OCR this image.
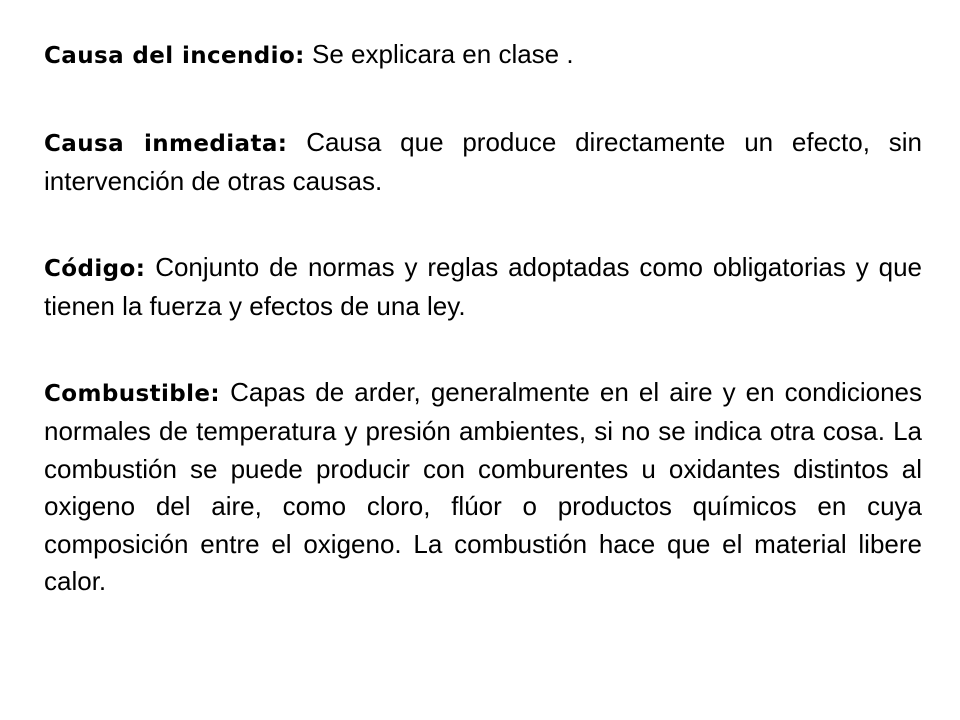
Causa del incendio: Se explicara en clase .

Causa inmediata: Causa que produce directamente un efecto, sin intervención de otras causas.

Código: Conjunto de normas y reglas adoptadas como obligatorias y que tienen la fuerza y efectos de una ley.

Combustible: Capas de arder, generalmente en el aire y en condiciones normales de temperatura y presión ambientes, si no se indica otra cosa. La combustión se puede producir con comburentes u oxidantes distintos al oxigeno del aire, como cloro, flúor o productos químicos en cuya composición entre el oxigeno. La combustión hace que el material libere calor.
